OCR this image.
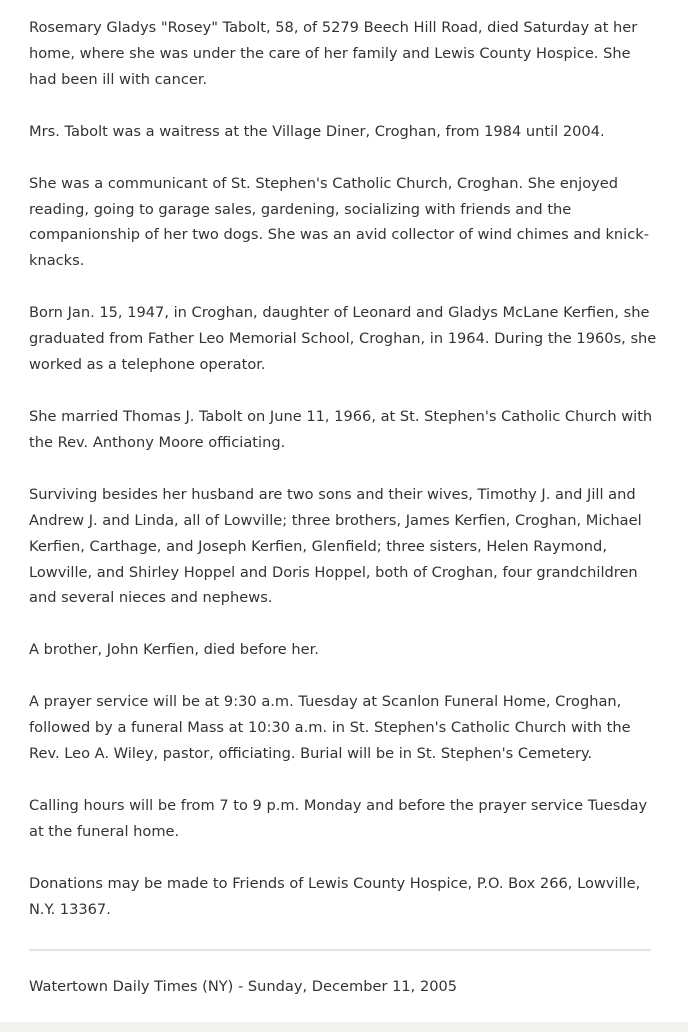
Rosemary Gladys "Rosey" Tabolt, 58, of 5279 Beech Hill Road, died Saturday at her home, where she was under the care of her family and Lewis County Hospice. She had been ill with cancer.

Mrs. Tabolt was a waitress at the Village Diner, Croghan, from 1984 until 2004.

She was a communicant of St. Stephen's Catholic Church, Croghan. She enjoyed reading, going to garage sales, gardening, socializing with friends and the companionship of her two dogs. She was an avid collector of wind chimes and knick-knacks.

Born Jan. 15, 1947, in Croghan, daughter of Leonard and Gladys McLane Kerfien, she graduated from Father Leo Memorial School, Croghan, in 1964. During the 1960s, she worked as a telephone operator.

She married Thomas J. Tabolt on June 11, 1966, at St. Stephen's Catholic Church with the Rev. Anthony Moore officiating.

Surviving besides her husband are two sons and their wives, Timothy J. and Jill and Andrew J. and Linda, all of Lowville; three brothers, James Kerfien, Croghan, Michael Kerfien, Carthage, and Joseph Kerfien, Glenfield; three sisters, Helen Raymond, Lowville, and Shirley Hoppel and Doris Hoppel, both of Croghan, four grandchildren and several nieces and nephews.

A brother, John Kerfien, died before her.

A prayer service will be at 9:30 a.m. Tuesday at Scanlon Funeral Home, Croghan, followed by a funeral Mass at 10:30 a.m. in St. Stephen's Catholic Church with the Rev. Leo A. Wiley, pastor, officiating. Burial will be in St. Stephen's Cemetery.

Calling hours will be from 7 to 9 p.m. Monday and before the prayer service Tuesday at the funeral home.

Donations may be made to Friends of Lewis County Hospice, P.O. Box 266, Lowville, N.Y. 13367.

Watertown Daily Times (NY) - Sunday, December 11, 2005
